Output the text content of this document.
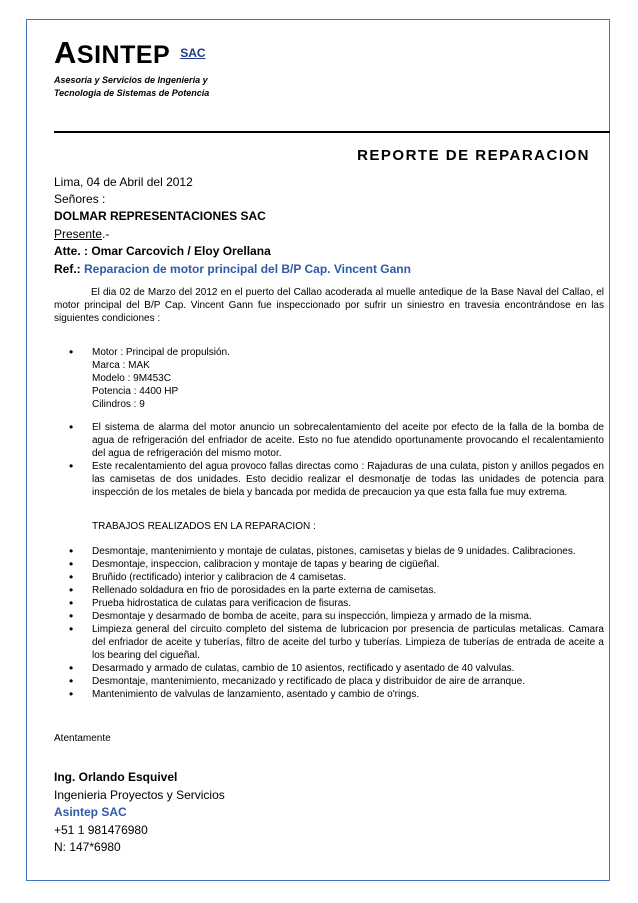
ASINTEP SAC
Asesoria y Servicios de Ingenieria y
Tecnologia de Sistemas de Potencia
REPORTE DE REPARACION
Lima, 04 de Abril del 2012
Señores :
DOLMAR REPRESENTACIONES SAC
Presente.-
Atte. : Omar Carcovich / Eloy Orellana
Ref.: Reparacion de motor principal del B/P Cap. Vincent Gann

El dia 02 de Marzo del 2012 en el puerto del Callao acoderada al muelle antedique de la Base Naval del Callao, el motor principal del B/P Cap. Vincent Gann fue inspeccionado por sufrir un siniestro en travesia encontrándose en las siguientes condiciones :

• Motor : Principal de propulsión.
Marca : MAK
Modelo : 9M453C
Potencia : 4400 HP
Cilindros : 9
• El sistema de alarma del motor anuncio un sobrecalentamiento del aceite por efecto de la falla de la bomba de agua de refrigeración del enfriador de aceite. Esto no fue atendido oportunamente provocando el recalentamiento del agua de refrigeración del mismo motor.
• Este recalentamiento del agua provoco fallas directas como : Rajaduras de una culata, piston y anillos pegados en las camisetas de dos unidades. Esto decidio realizar el desmonatje de todas las unidades de potencia para inspección de los metales de biela y bancada por medida de precaucion ya que esta falla fue muy extrema.
TRABAJOS REALIZADOS EN LA REPARACION :
• Desmontaje, mantenimiento y montaje de culatas, pistones, camisetas y bielas de 9 unidades. Calibraciones.
• Desmontaje, inspeccion, calibracion y montaje de tapas y bearing de cigüeñal.
• Bruñido (rectificado) interior y calibracion de 4 camisetas.
• Rellenado soldadura en frio de porosidades en la parte externa de camisetas.
• Prueba hidrostatica de culatas para verificacion de fisuras.
• Desmontaje y desarmado de bomba de aceite, para su inspección, limpieza y armado de la misma.
• Limpieza general del circuito completo del sistema de lubricacion por presencia de particulas metalicas. Camara del enfriador de aceite y tuberías, filtro de aceite del turbo y tuberías. Limpieza de tuberías de entrada de aceite a los bearing del cigueñal.
• Desarmado y armado de culatas, cambio de 10 asientos, rectificado y asentado de 40 valvulas.
• Desmontaje, mantenimiento, mecanizado y rectificado de placa y distribuidor de aire de arranque.
• Mantenimiento de valvulas de lanzamiento, asentado y cambio de o'rings.
Atentamente
Ing. Orlando Esquivel
Ingenieria Proyectos y Servicios
Asintep SAC
+51 1 981476980
N: 147*6980
